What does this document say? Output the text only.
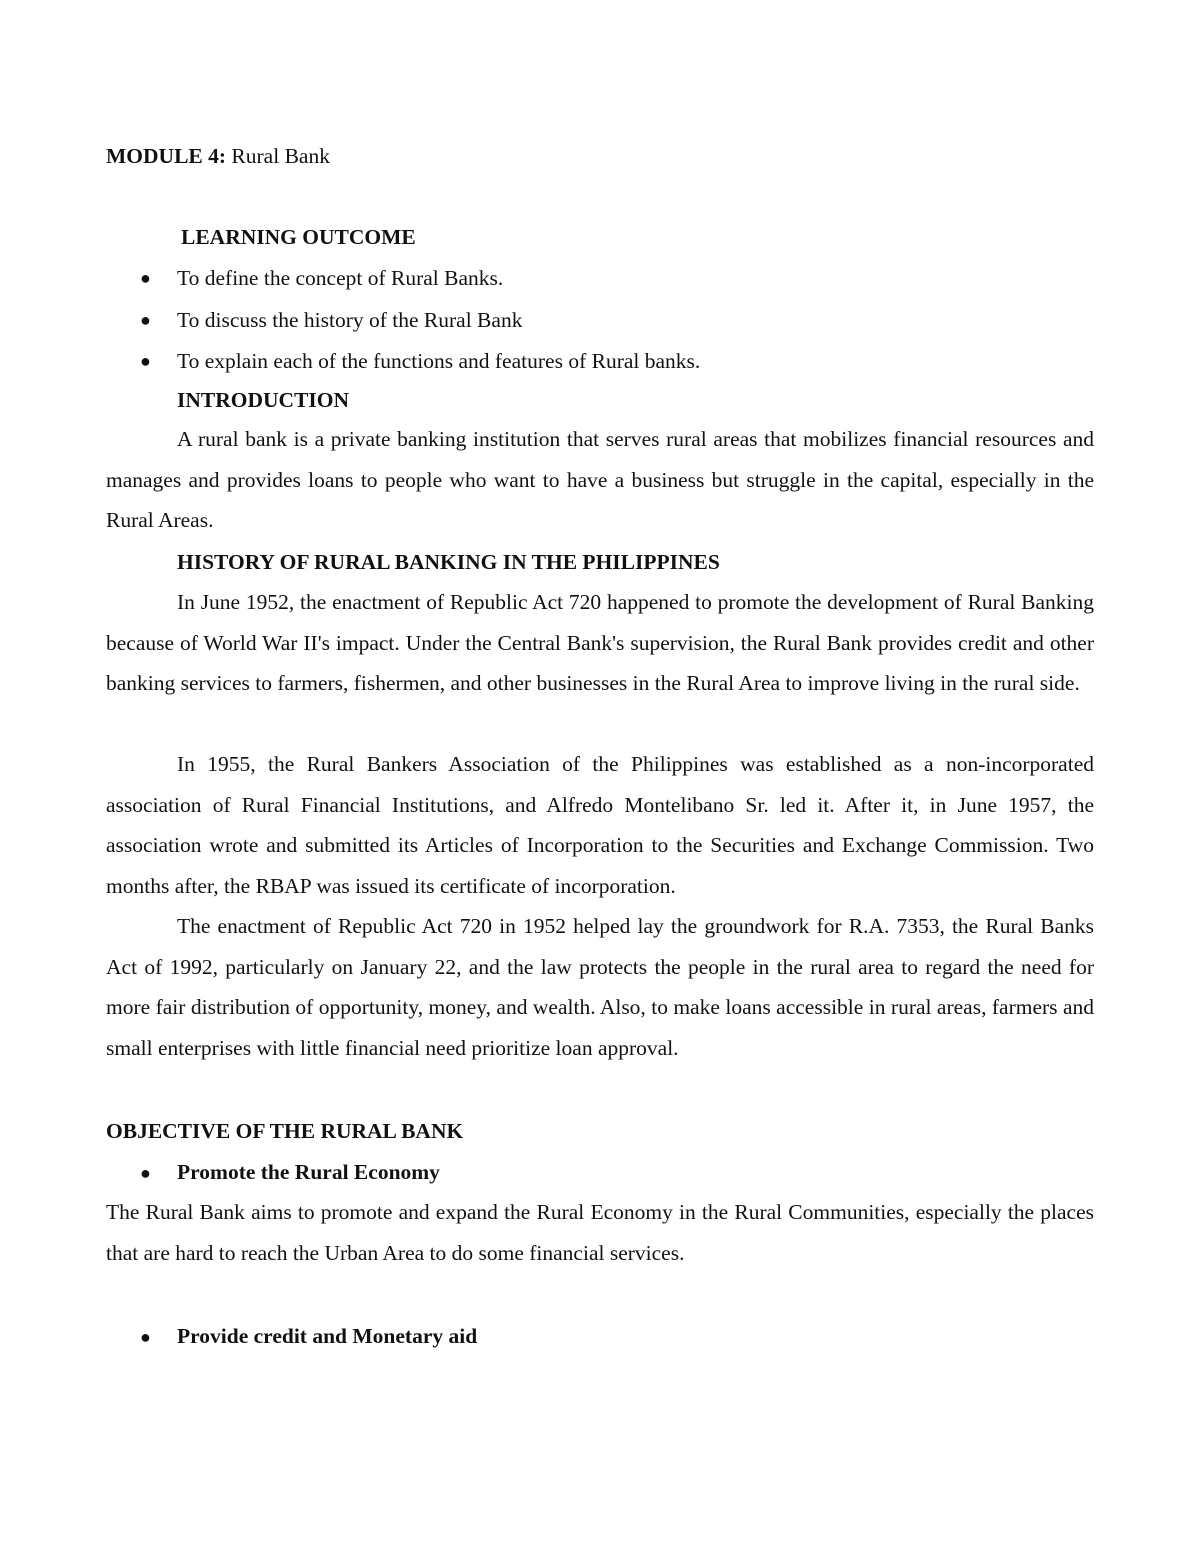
MODULE 4: Rural Bank
LEARNING OUTCOME
● To define the concept of Rural Banks.
● To discuss the history of the Rural Bank
● To explain each of the functions and features of Rural banks.
INTRODUCTION

A rural bank is a private banking institution that serves rural areas that mobilizes financial resources and manages and provides loans to people who want to have a business but struggle in the capital, especially in the Rural Areas.

HISTORY OF RURAL BANKING IN THE PHILIPPINES

In June 1952, the enactment of Republic Act 720 happened to promote the development of Rural Banking because of World War II's impact. Under the Central Bank's supervision, the Rural Bank provides credit and other banking services to farmers, fishermen, and other businesses in the Rural Area to improve living in the rural side.

In 1955, the Rural Bankers Association of the Philippines was established as a non-incorporated association of Rural Financial Institutions, and Alfredo Montelibano Sr. led it. After it, in June 1957, the association wrote and submitted its Articles of Incorporation to the Securities and Exchange Commission. Two months after, the RBAP was issued its certificate of incorporation.

The enactment of Republic Act 720 in 1952 helped lay the groundwork for R.A. 7353, the Rural Banks Act of 1992, particularly on January 22, and the law protects the people in the rural area to regard the need for more fair distribution of opportunity, money, and wealth. Also, to make loans accessible in rural areas, farmers and small enterprises with little financial need prioritize loan approval.

OBJECTIVE OF THE RURAL BANK
● Promote the Rural Economy

The Rural Bank aims to promote and expand the Rural Economy in the Rural Communities, especially the places that are hard to reach the Urban Area to do some financial services.

● Provide credit and Monetary aid
